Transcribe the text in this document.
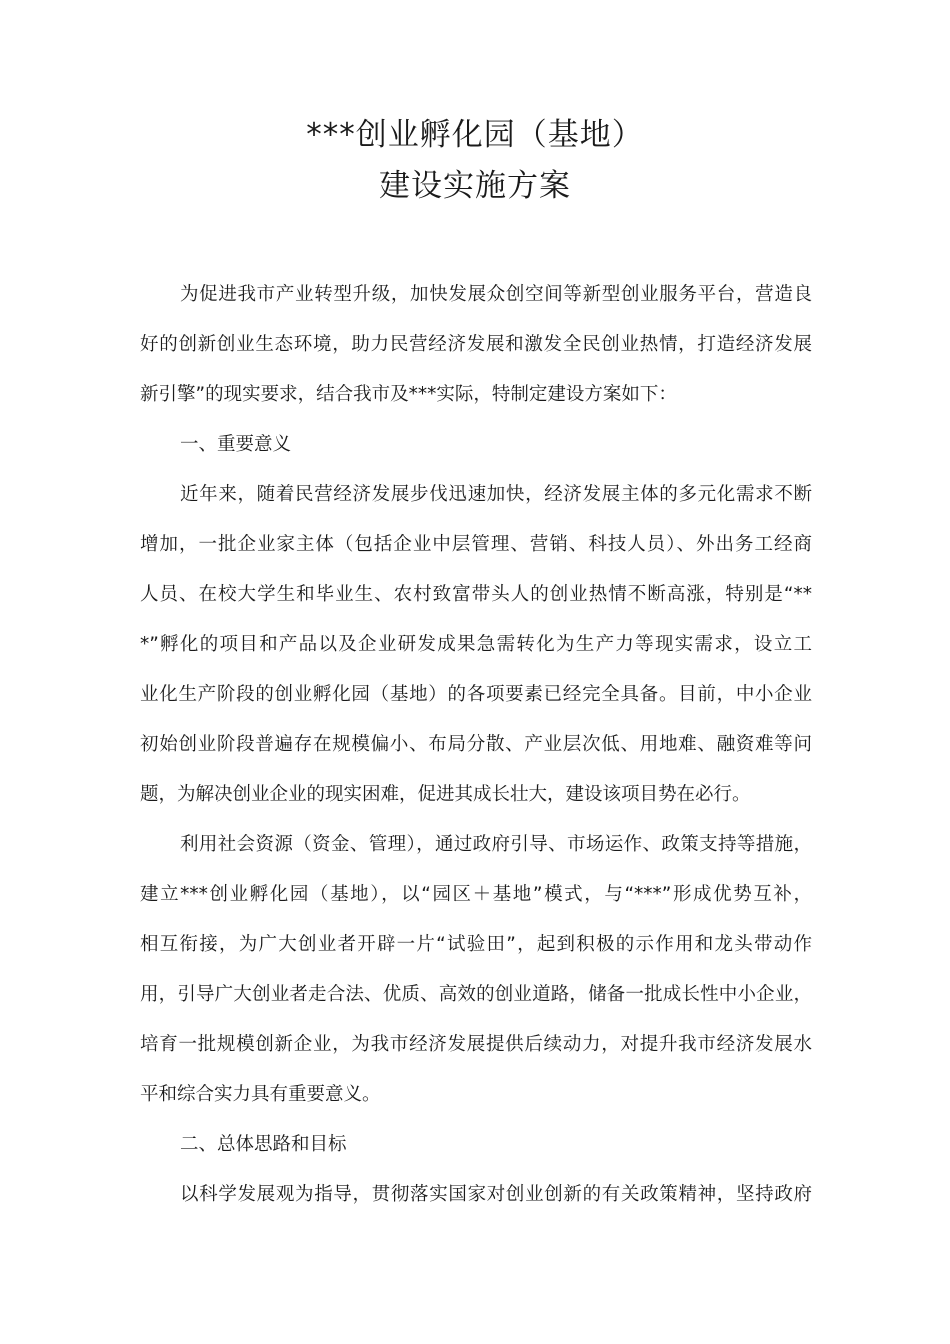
***创业孵化园（基地）
建设实施方案
为促进我市产业转型升级，加快发展众创空间等新型创业服务平台，营造良
好的创新创业生态环境，助力民营经济发展和激发全民创业热情，打造经济发展
新引擎”的现实要求，结合我市及***实际，特制定建设方案如下：
一、重要意义
近年来，随着民营经济发展步伐迅速加快，经济发展主体的多元化需求不断
增加，一批企业家主体（包括企业中层管理、营销、科技人员）、外出务工经商
人员、在校大学生和毕业生、农村致富带头人的创业热情不断高涨，特别是“**
*”孵化的项目和产品以及企业研发成果急需转化为生产力等现实需求，设立工
业化生产阶段的创业孵化园（基地）的各项要素已经完全具备。目前，中小企业
初始创业阶段普遍存在规模偏小、布局分散、产业层次低、用地难、融资难等问
题，为解决创业企业的现实困难，促进其成长壮大，建设该项目势在必行。
利用社会资源（资金、管理），通过政府引导、市场运作、政策支持等措施，
建立***创业孵化园（基地），以“园区＋基地”模式，与“***”形成优势互补，
相互衔接，为广大创业者开辟一片“试验田”，起到积极的示作用和龙头带动作
用，引导广大创业者走合法、优质、高效的创业道路，储备一批成长性中小企业，
培育一批规模创新企业，为我市经济发展提供后续动力，对提升我市经济发展水
平和综合实力具有重要意义。
二、总体思路和目标
以科学发展观为指导，贯彻落实国家对创业创新的有关政策精神，坚持政府
